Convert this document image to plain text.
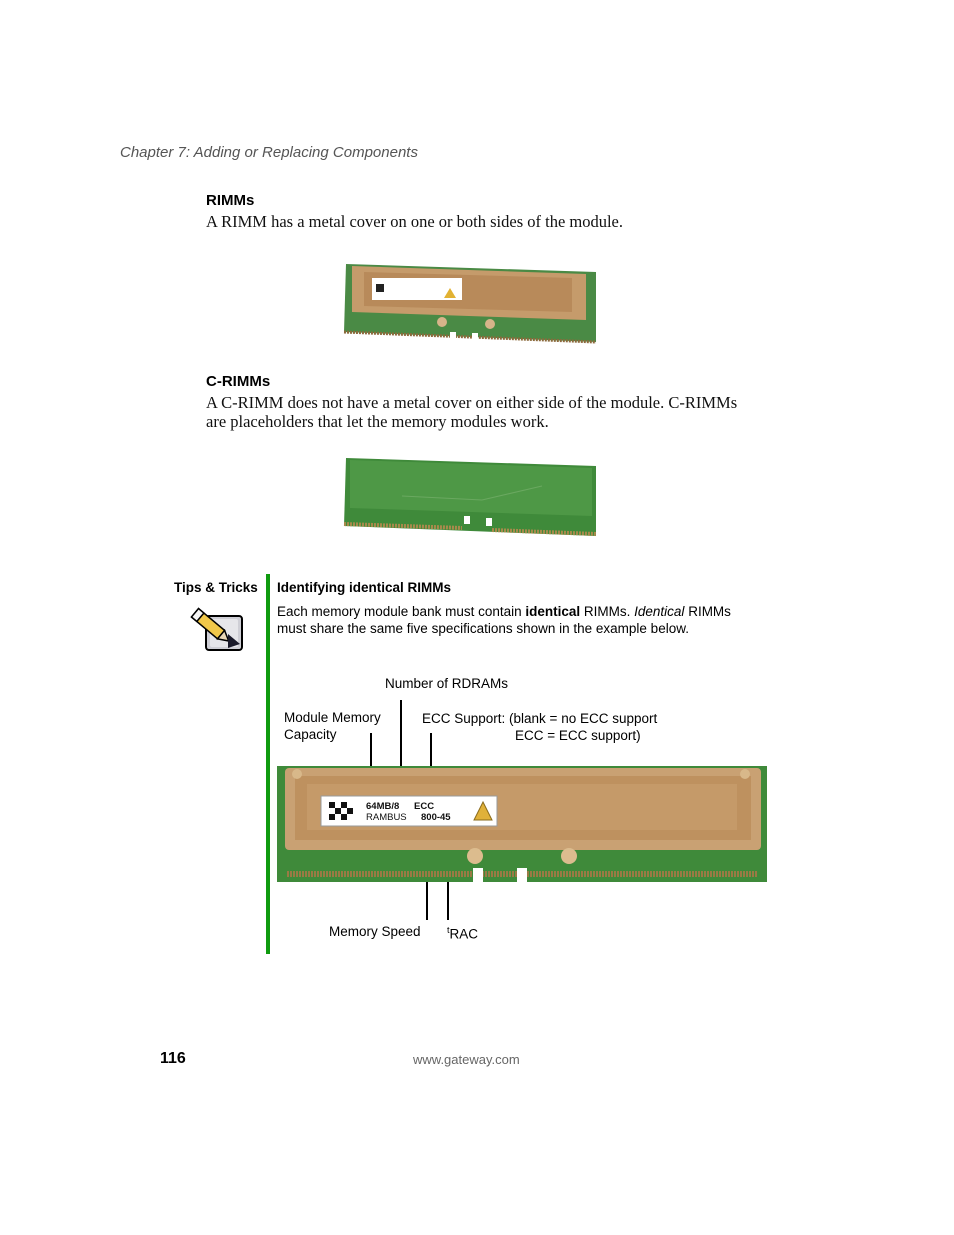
Chapter 7: Adding or Replacing Components
RIMMs
A RIMM has a metal cover on one or both sides of the module.
C-RIMMs
A C-RIMM does not have a metal cover on either side of the module. C-RIMMs
are placeholders that let the memory modules work.
Tips & Tricks Identifying identical RIMMs
Each memory module bank must contain identical RIMMs. Identical RIMMs
must share the same five specifications shown in the example below.
Number of RDRAMs
Module Memory
Capacity
ECC Support: (blank = no ECC support
ECC = ECC support)
64MB/8 ECC
RAMBUS 800-45
Memory Speed	$^t$RAC
116	www.gateway.com
